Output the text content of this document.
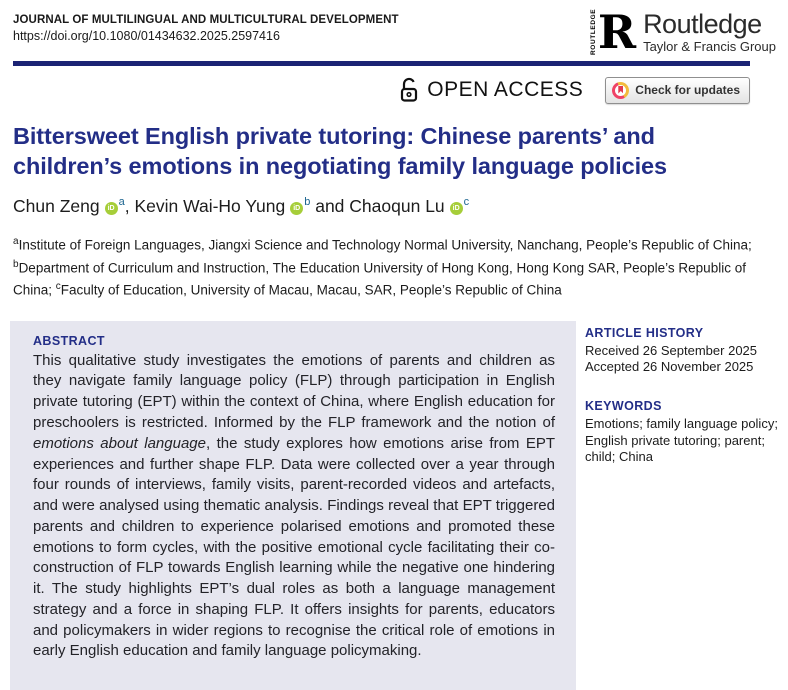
JOURNAL OF MULTILINGUAL AND MULTICULTURAL DEVELOPMENT
https://doi.org/10.1080/01434632.2025.2597416	ROUTLEDGE R Routledge
Taylor & Francis Group
OPEN ACCESS	Check for updates
Bittersweet English private tutoring: Chinese parents’ and
children’s emotions in negotiating family language policies
Chun Zeng iD
$^a$, Kevin Wai-Ho Yung iD
$^b$ and Chaoqun Lu iD
$^c$

$^a$Institute of Foreign Languages, Jiangxi Science and Technology Normal University, Nanchang, People’s Republic of China; $^b$Department of Curriculum and Instruction, The Education University of Hong Kong, Hong Kong SAR, People’s Republic of China; $^c$Faculty of Education, University of Macau, Macau, SAR, People’s Republic of China

ABSTRACT

This qualitative study investigates the emotions of parents and children as they navigate family language policy (FLP) through participation in English private tutoring (EPT) within the context of China, where English education for preschoolers is restricted. Informed by the FLP framework and the notion of emotions about language, the study explores how emotions arise from EPT experiences and further shape FLP. Data were collected over a year through four rounds of interviews, family visits, parent-recorded videos and artefacts, and were analysed using thematic analysis. Findings reveal that EPT triggered parents and children to experience polarised emotions and promoted these emotions to form cycles, with the positive emotional cycle facilitating their co-construction of FLP towards English learning while the negative one hindering it. The study highlights EPT’s dual roles as both a language management strategy and a force in shaping FLP. It offers insights for parents, educators and policymakers in wider regions to recognise the critical role of emotions in early English education and family language policymaking.

ARTICLE HISTORY
Received 26 September 2025
Accepted 26 November 2025
KEYWORDS
Emotions; family language policy; English private tutoring; parent; child; China
